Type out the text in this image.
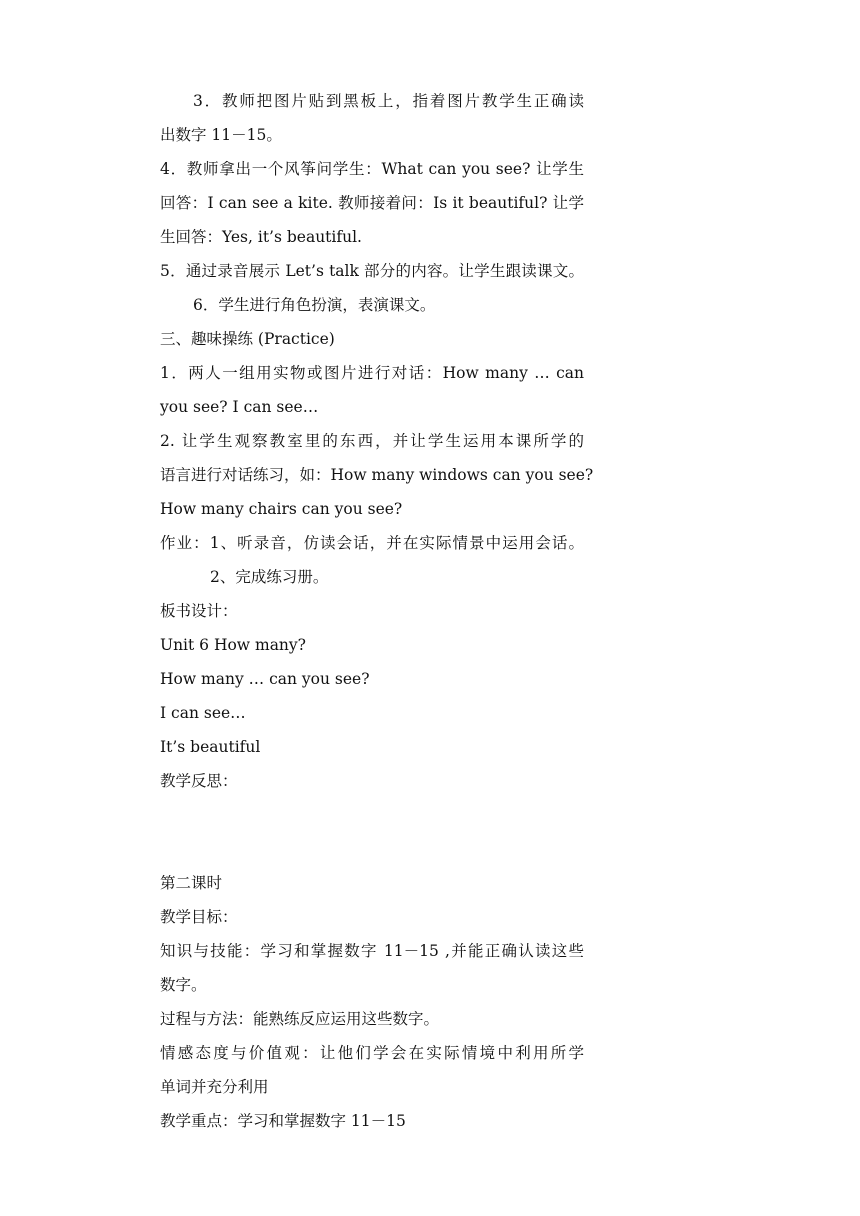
3．教师把图片贴到黑板上，指着图片教学生正确读
出数字 11－15。
4．教师拿出一个风筝问学生：What can you see? 让学生
回答：I can see a kite. 教师接着问：Is it beautiful? 让学
生回答：Yes, it’s beautiful.
5．通过录音展示 Let’s talk 部分的内容。让学生跟读课文。
6．学生进行角色扮演，表演课文。
三、趣味操练 (Practice)
1．两人一组用实物或图片进行对话：How many … can
you see? I can see…
2. 让学生观察教室里的东西，并让学生运用本课所学的
语言进行对话练习，如：How many windows can you see?
How many chairs can you see?
作业：1、听录音，仿读会话，并在实际情景中运用会话。
2、完成练习册。
板书设计：
Unit 6 How many?
How many … can you see?
I can see…
It’s beautiful
教学反思：
第二课时
教学目标：
知识与技能：学习和掌握数字 11－15 ,并能正确认读这些
数字。
过程与方法：能熟练反应运用这些数字。
情感态度与价值观：让他们学会在实际情境中利用所学
单词并充分利用
教学重点：学习和掌握数字 11－15
